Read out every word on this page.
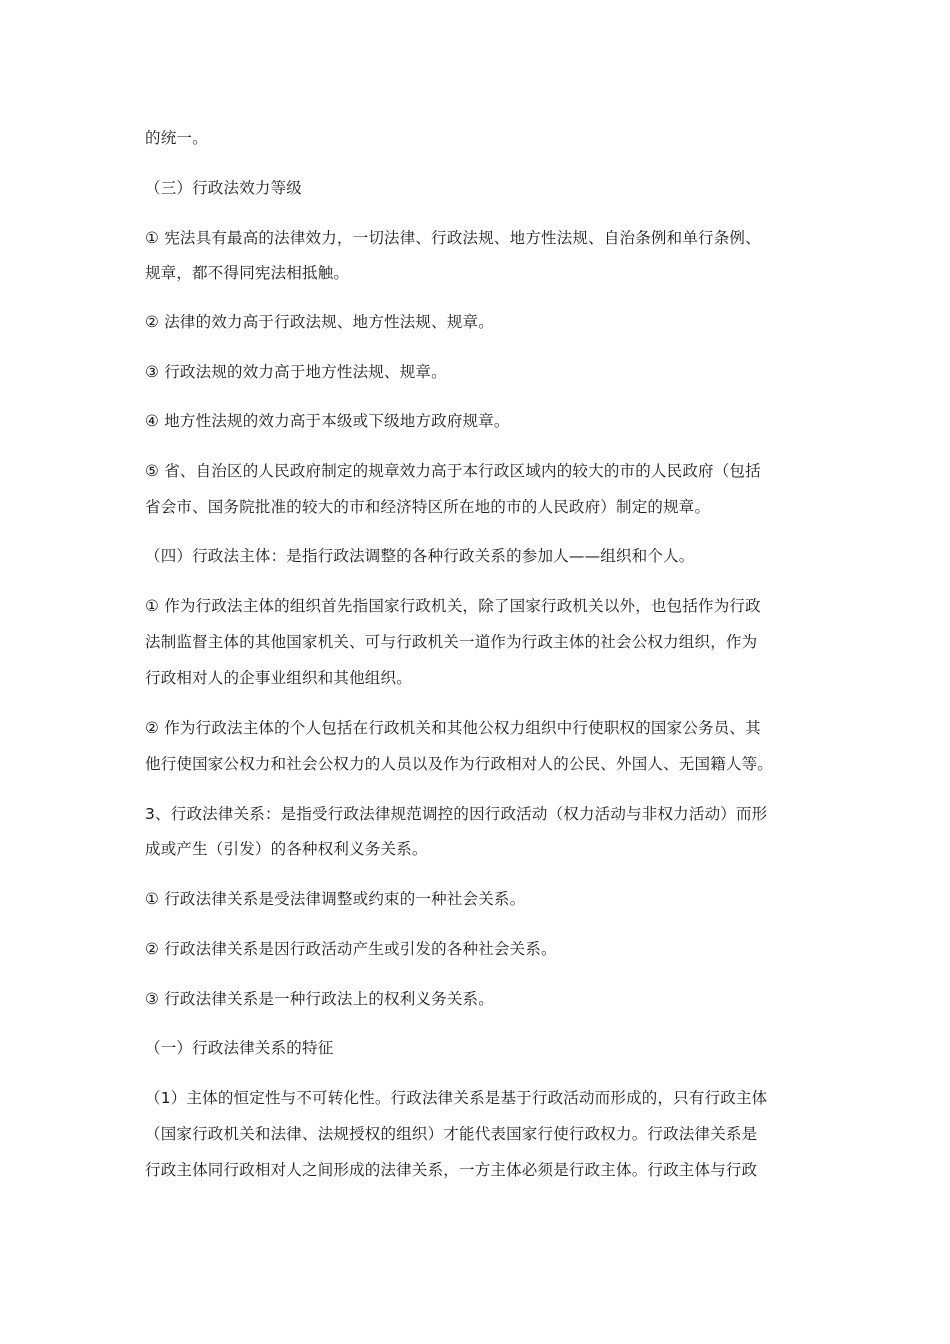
的统一。
（三）行政法效力等级
① 宪法具有最高的法律效力，一切法律、行政法规、地方性法规、自治条例和单行条例、
规章，都不得同宪法相抵触。
② 法律的效力高于行政法规、地方性法规、规章。
③ 行政法规的效力高于地方性法规、规章。
④ 地方性法规的效力高于本级或下级地方政府规章。
⑤ 省、自治区的人民政府制定的规章效力高于本行政区域内的较大的市的人民政府（包括
省会市、国务院批准的较大的市和经济特区所在地的市的人民政府）制定的规章。
（四）行政法主体：是指行政法调整的各种行政关系的参加人——组织和个人。
① 作为行政法主体的组织首先指国家行政机关，除了国家行政机关以外，也包括作为行政
法制监督主体的其他国家机关、可与行政机关一道作为行政主体的社会公权力组织，作为
行政相对人的企事业组织和其他组织。
② 作为行政法主体的个人包括在行政机关和其他公权力组织中行使职权的国家公务员、其
他行使国家公权力和社会公权力的人员以及作为行政相对人的公民、外国人、无国籍人等。
3、行政法律关系：是指受行政法律规范调控的因行政活动（权力活动与非权力活动）而形
成或产生（引发）的各种权利义务关系。
① 行政法律关系是受法律调整或约束的一种社会关系。
② 行政法律关系是因行政活动产生或引发的各种社会关系。
③ 行政法律关系是一种行政法上的权利义务关系。
（一）行政法律关系的特征
（1）主体的恒定性与不可转化性。行政法律关系是基于行政活动而形成的，只有行政主体
（国家行政机关和法律、法规授权的组织）才能代表国家行使行政权力。行政法律关系是
行政主体同行政相对人之间形成的法律关系，一方主体必须是行政主体。行政主体与行政
